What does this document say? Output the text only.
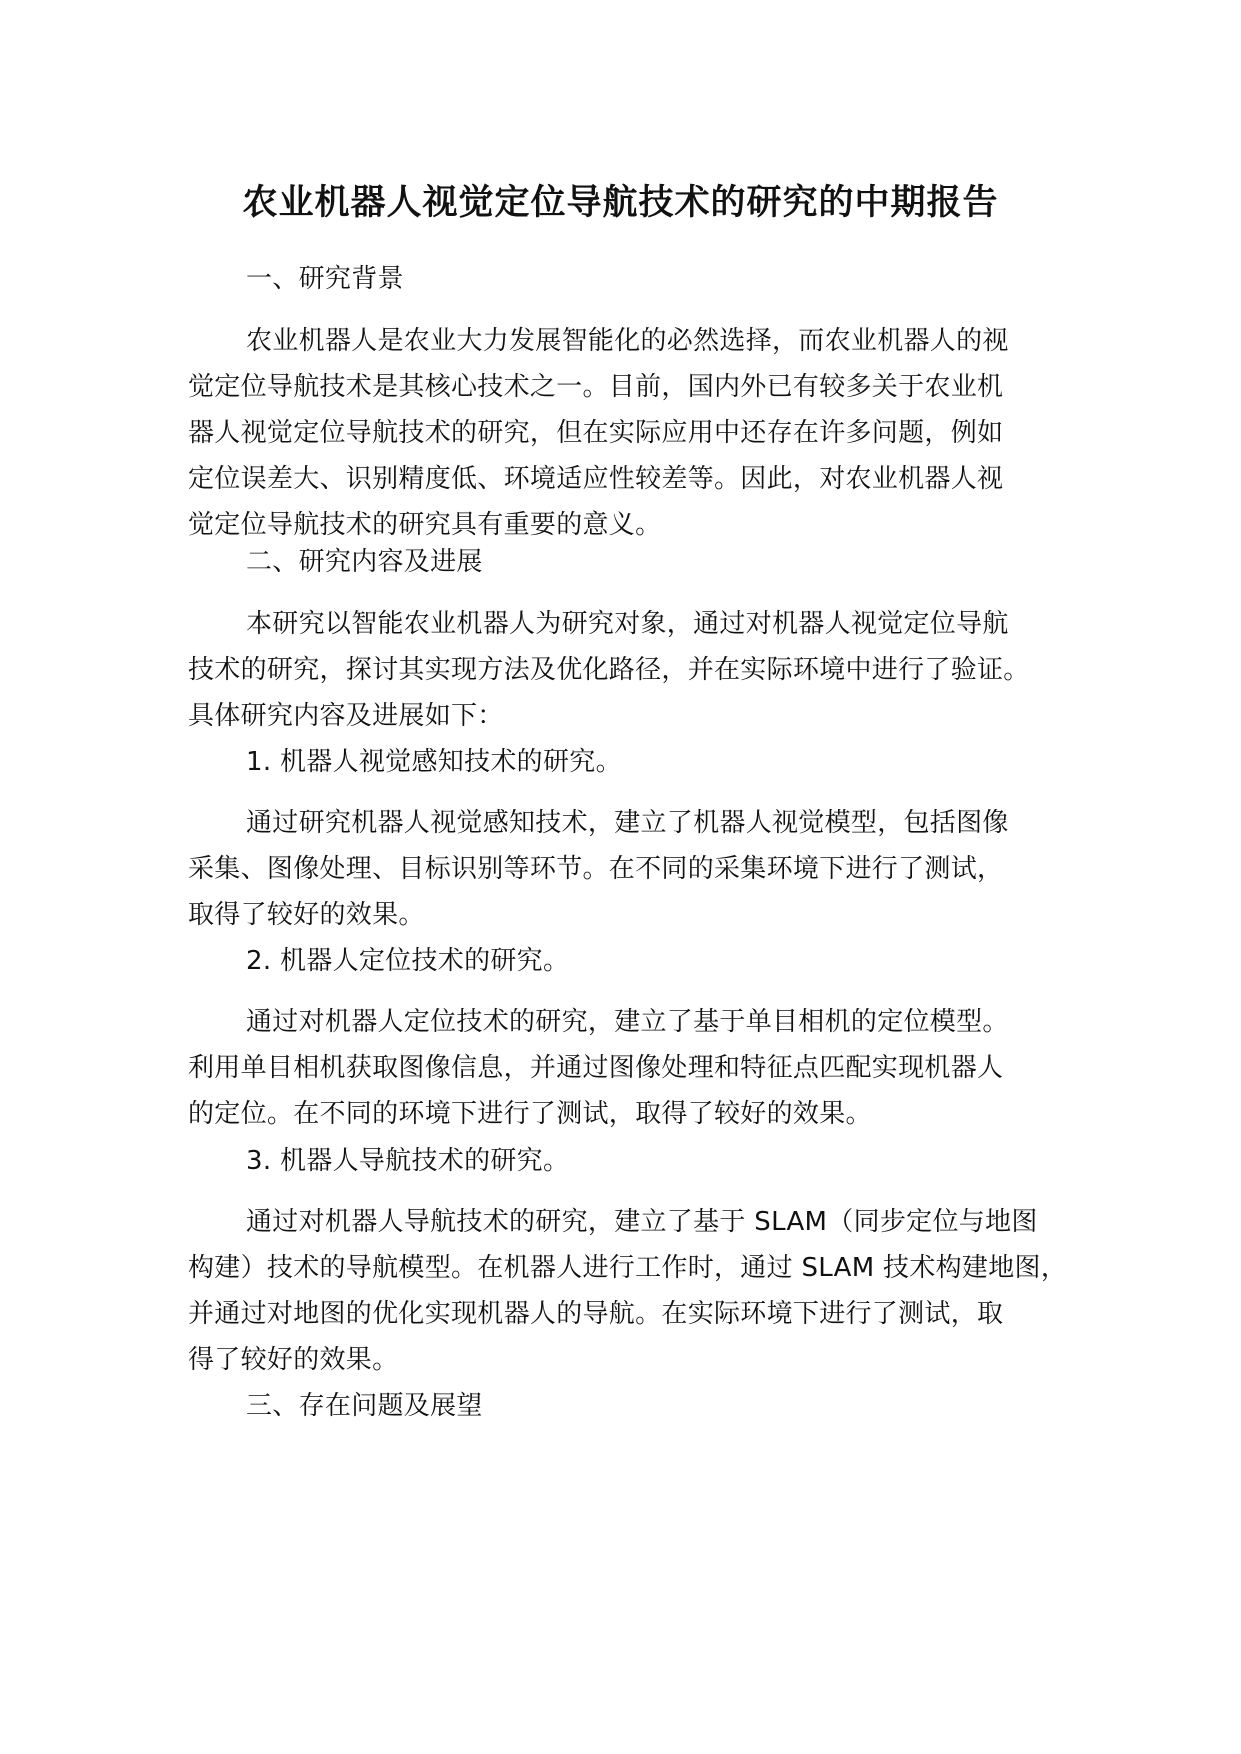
农业机器人视觉定位导航技术的研究的中期报告

一、研究背景

农业机器人是农业大力发展智能化的必然选择，而农业机器人的视
觉定位导航技术是其核心技术之一。目前，国内外已有较多关于农业机
器人视觉定位导航技术的研究，但在实际应用中还存在许多问题，例如
定位误差大、识别精度低、环境适应性较差等。因此，对农业机器人视
觉定位导航技术的研究具有重要的意义。

二、研究内容及进展

本研究以智能农业机器人为研究对象，通过对机器人视觉定位导航
技术的研究，探讨其实现方法及优化路径，并在实际环境中进行了验证。
具体研究内容及进展如下：

1. 机器人视觉感知技术的研究。

通过研究机器人视觉感知技术，建立了机器人视觉模型，包括图像
采集、图像处理、目标识别等环节。在不同的采集环境下进行了测试，
取得了较好的效果。

2. 机器人定位技术的研究。

通过对机器人定位技术的研究，建立了基于单目相机的定位模型。
利用单目相机获取图像信息，并通过图像处理和特征点匹配实现机器人
的定位。在不同的环境下进行了测试，取得了较好的效果。

3. 机器人导航技术的研究。

通过对机器人导航技术的研究，建立了基于 SLAM（同步定位与地图
构建）技术的导航模型。在机器人进行工作时，通过 SLAM 技术构建地图，
并通过对地图的优化实现机器人的导航。在实际环境下进行了测试，取
得了较好的效果。

三、存在问题及展望
